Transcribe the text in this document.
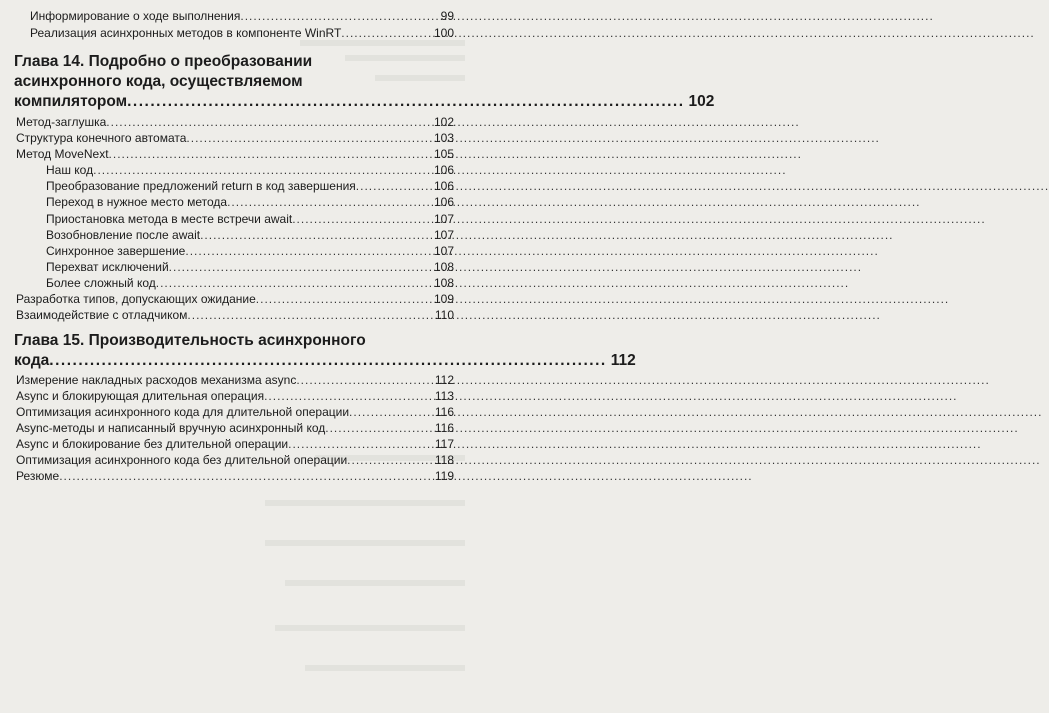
Информирование о ходе выполнения .....	99
Реализация асинхронных методов в компоненте WinRT .....	100
Глава 14. Подробно о преобразовании
асинхронного кода, осуществляемом
компилятором .....	102
Метод-заглушка .....	102
Структура конечного автомата .....	103
Метод MoveNext .....	105
Наш код .....	106
Преобразование предложений return в код завершения .....	106
Переход в нужное место метода .....	106
Приостановка метода в месте встречи await .....	107
Возобновление после await .....	107
Синхронное завершение .....	107
Перехват исключений .....	108
Более сложный код .....	108
Разработка типов, допускающих ожидание .....	109
Взаимодействие с отладчиком .....	110
Глава 15. Производительность асинхронного
кода .....	112
Измерение накладных расходов механизма async .....	112
Async и блокирующая длительная операция .....	113
Оптимизация асинхронного кода для длительной операции .....	116
Async-методы и написанный вручную асинхронный код .....	116
Async и блокирование без длительной операции .....	117
Оптимизация асинхронного кода без длительной операции .....	118
Резюме .....	119
